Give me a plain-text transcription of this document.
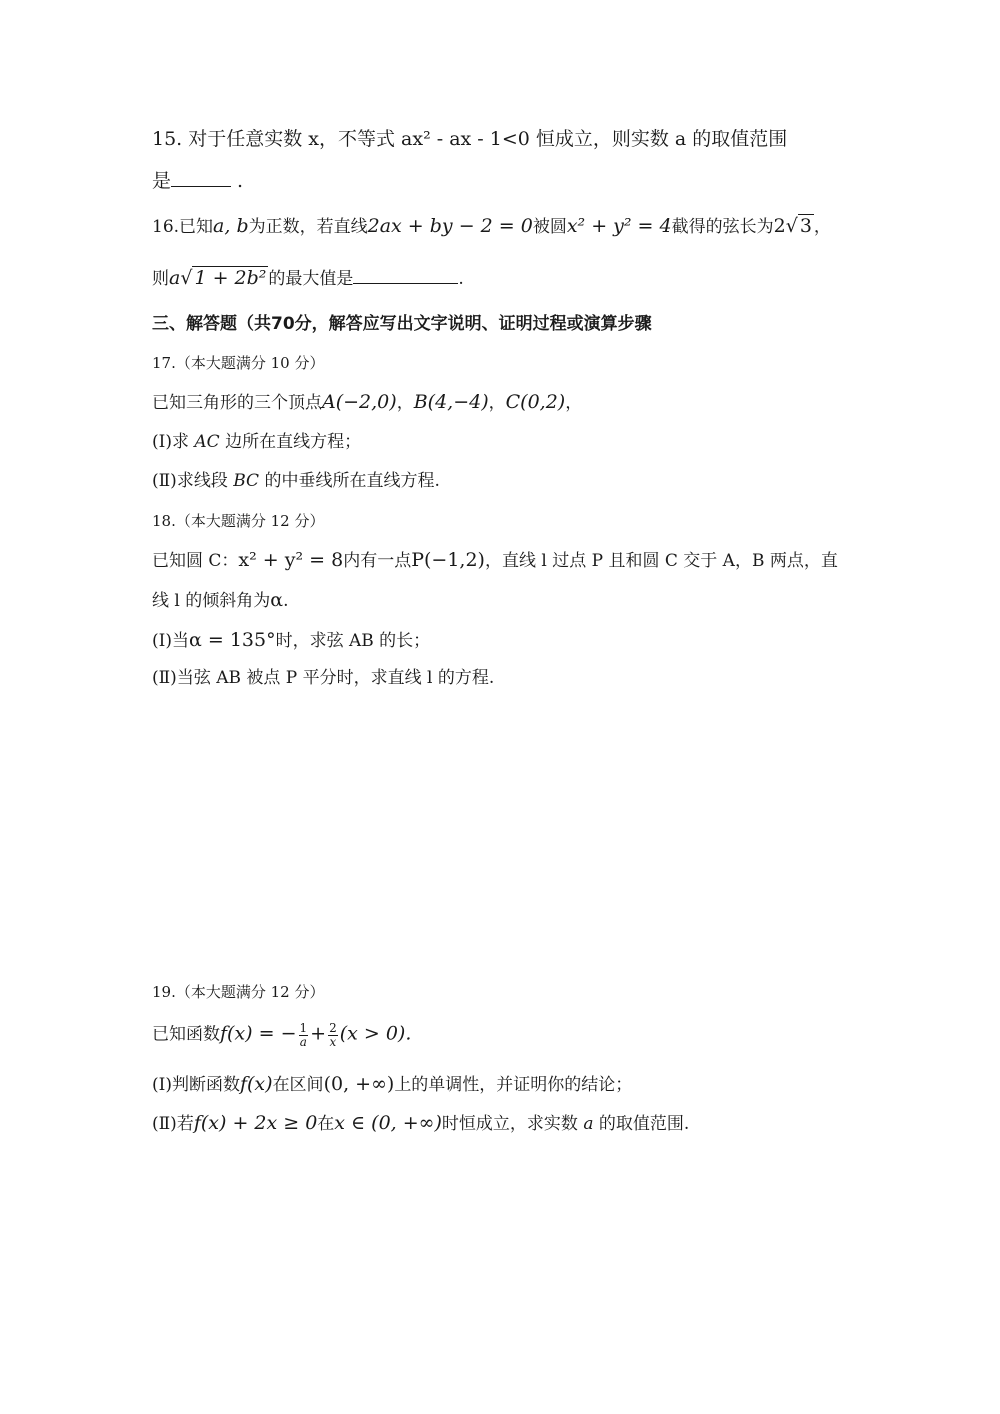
15. 对于任意实数 x，不等式 ax² - ax - 1<0 恒成立，则实数 a 的取值范围
是	.
16.已知a, b为正数，若直线2ax + by − 2 = 0被圆x² + y² = 4截得的弦长为2√ 3 ，
则a√ 1 + 2b² 的最大值是	.
三、解答题（共70分，解答应写出文字说明、证明过程或演算步骤
17.（本大题满分 10 分）
已知三角形的三个顶点A(−2,0)，B(4,−4)，C(0,2)，
(Ⅰ)求 AC 边所在直线方程；
(Ⅱ)求线段 BC 的中垂线所在直线方程.
18.（本大题满分 12 分）
已知圆 C：x² + y² = 8内有一点P(−1,2)，直线 l 过点 P 且和圆 C 交于 A，B 两点，直
线 l 的倾斜角为α.
(Ⅰ)当α = 135°时，求弦 AB 的长；
(Ⅱ)当弦 AB 被点 P 平分时，求直线 l 的方程.
19.（本大题满分 12 分）
已知函数f(x) = − $\frac{1}{a} + \frac{2}{x} (x > 0)$.
(Ⅰ)判断函数f(x)在区间(0, +∞)上的单调性，并证明你的结论；
(Ⅱ)若f(x) + 2x ≥ 0在x ∈ (0, +∞)时恒成立，求实数 a 的取值范围.
